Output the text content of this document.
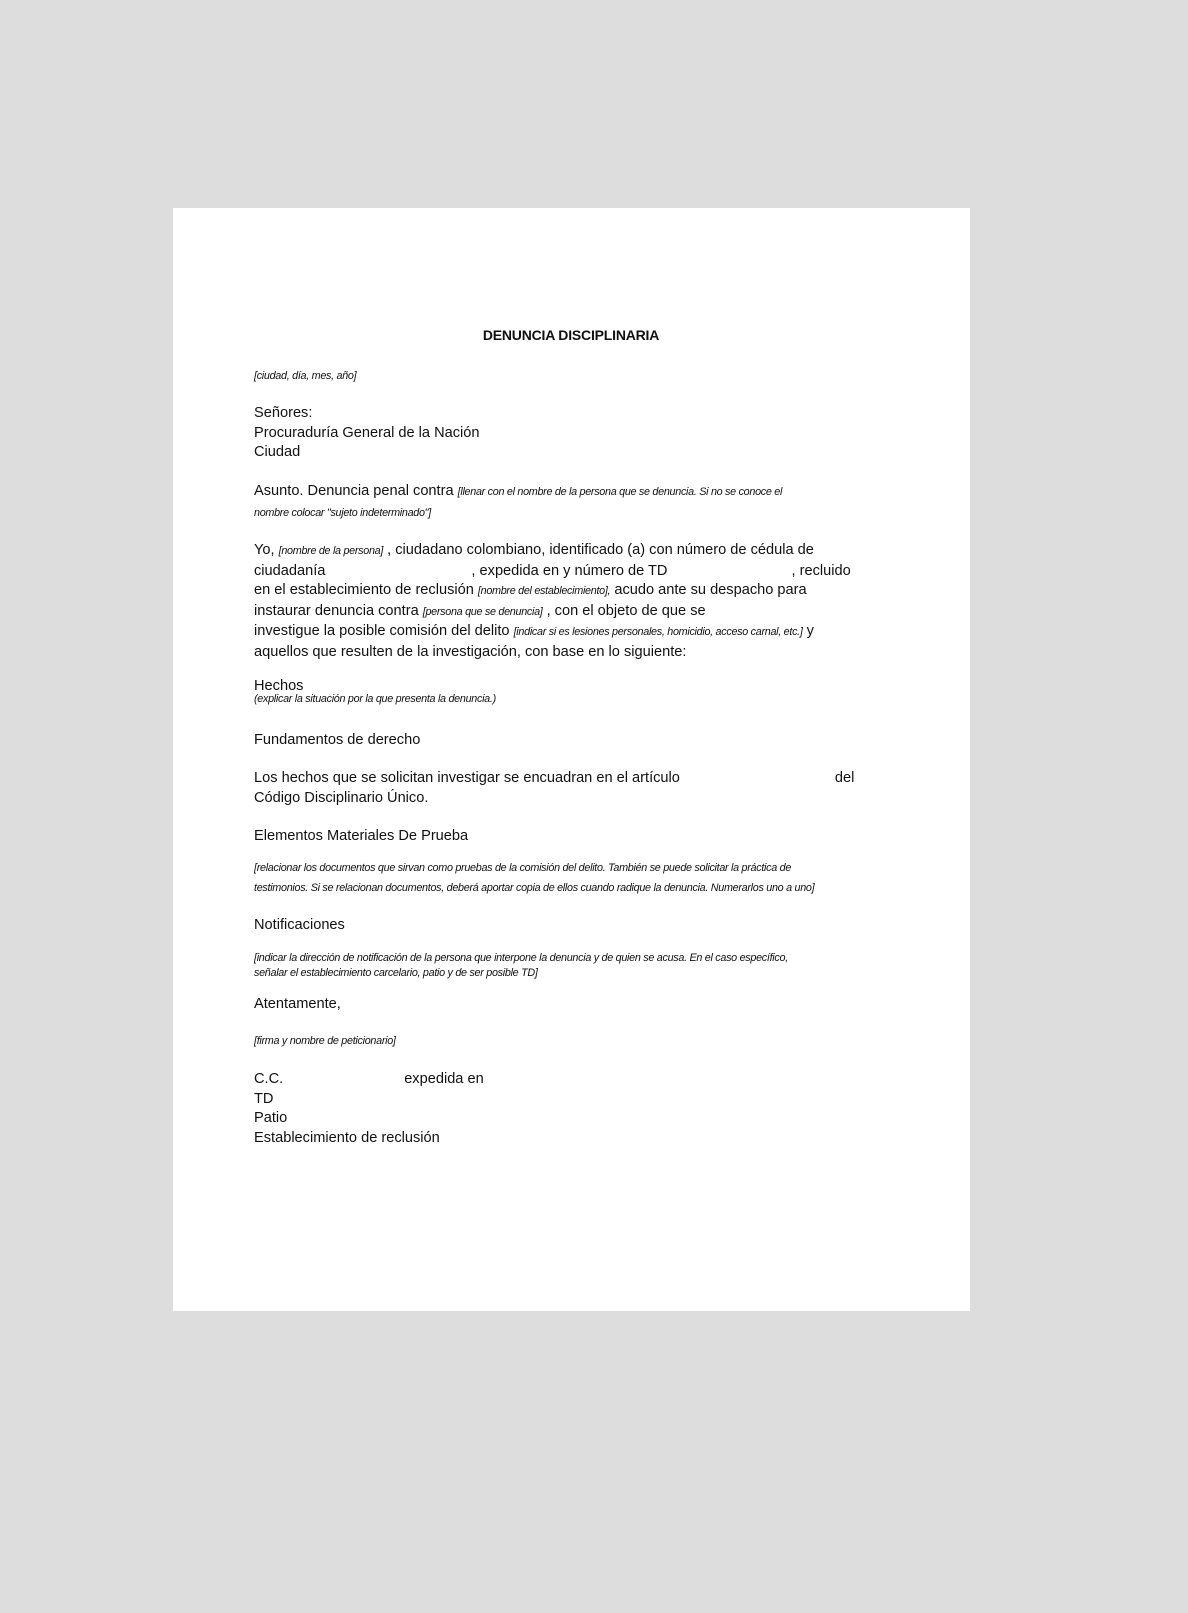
DENUNCIA DISCIPLINARIA
[ciudad, día, mes, año]
Señores:
Procuraduría General de la Nación
Ciudad
Asunto. Denuncia penal contra [llenar con el nombre de la persona que se denuncia. Si no se conoce el
nombre colocar "sujeto indeterminado"]
Yo, [nombre de la persona] , ciudadano colombiano, identificado (a) con número de cédula de
ciudadanía	, expedida en y número de TD	, recluido
en el establecimiento de reclusión [nombre del establecimiento], acudo ante su despacho para
instaurar denuncia contra [persona que se denuncia] , con el objeto de que se
investigue la posible comisión del delito [indicar si es lesiones personales, homicidio, acceso carnal, etc.] y
aquellos que resulten de la investigación, con base en lo siguiente:
Hechos
(explicar la situación por la que presenta la denuncia.)
Fundamentos de derecho
Los hechos que se solicitan investigar se encuadran en el artículo	del
Código Disciplinario Único.
Elementos Materiales De Prueba
[relacionar los documentos que sirvan como pruebas de la comisión del delito. También se puede solicitar la práctica de
testimonios. Si se relacionan documentos, deberá aportar copia de ellos cuando radique la denuncia. Numerarlos uno a uno]
Notificaciones
[indicar la dirección de notificación de la persona que interpone la denuncia y de quien se acusa. En el caso específico,
señalar el establecimiento carcelario, patio y de ser posible TD]
Atentamente,
[firma y nombre de peticionario]
C.C.	expedida en
TD
Patio
Establecimiento de reclusión
